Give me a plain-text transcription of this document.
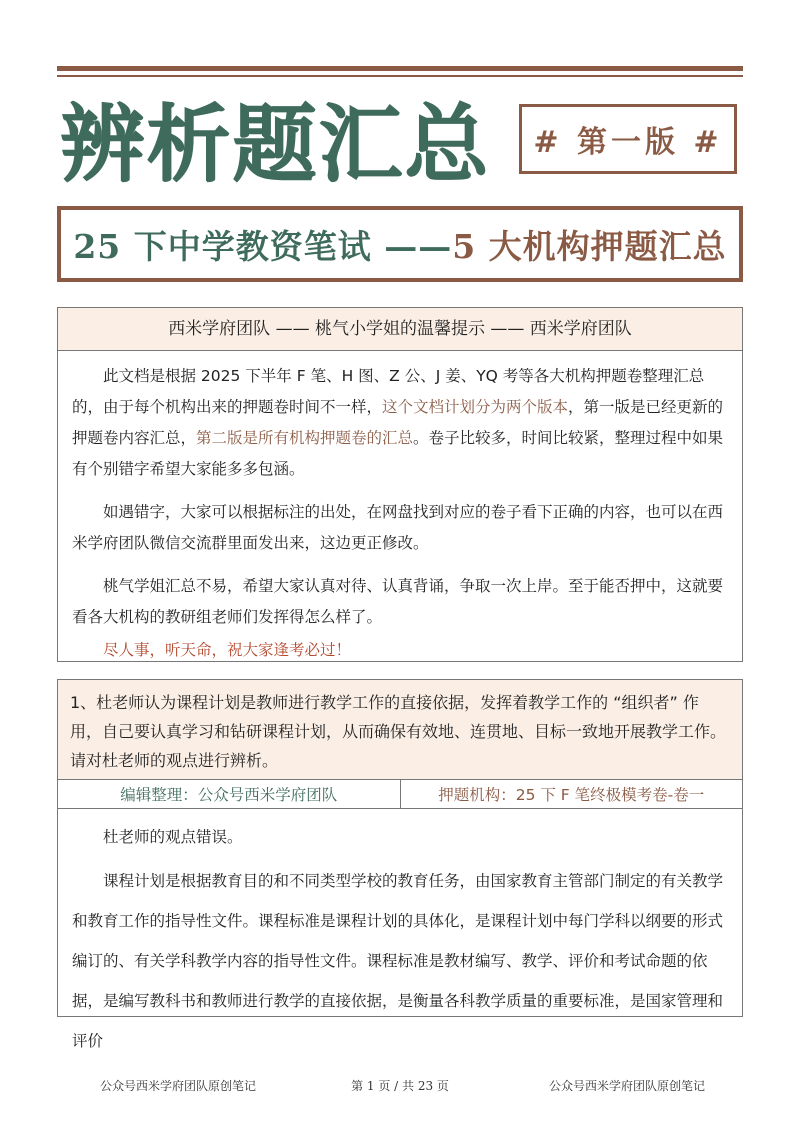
辨析题汇总	# 第一版 #
25 下中学教资笔试 —— 5 大机构押题汇总
西米学府团队 —— 桃气小学姐的温馨提示 —— 西米学府团队

此文档是根据 2025 下半年 F 笔、H 图、Z 公、J 姜、YQ 考等各大机构押题卷整理汇总的，由于每个机构出来的押题卷时间不一样，这个文档计划分为两个版本，第一版是已经更新的押题卷内容汇总，第二版是所有机构押题卷的汇总。卷子比较多，时间比较紧，整理过程中如果有个别错字希望大家能多多包涵。

如遇错字，大家可以根据标注的出处，在网盘找到对应的卷子看下正确的内容，也可以在西米学府团队微信交流群里面发出来，这边更正修改。

桃气学姐汇总不易，希望大家认真对待、认真背诵，争取一次上岸。至于能否押中，这就要看各大机构的教研组老师们发挥得怎么样了。

尽人事，听天命，祝大家逢考必过！

1、杜老师认为课程计划是教师进行教学工作的直接依据，发挥着教学工作的 “组织者” 作用，自己要认真学习和钻研课程计划，从而确保有效地、连贯地、目标一致地开展教学工作。请对杜老师的观点进行辨析。
编辑整理：公众号西米学府团队	押题机构：25 下 F 笔终极模考卷-卷一

杜老师的观点错误。

课程计划是根据教育目的和不同类型学校的教育任务，由国家教育主管部门制定的有关教学和教育工作的指导性文件。课程标准是课程计划的具体化，是课程计划中每门学科以纲要的形式编订的、有关学科教学内容的指导性文件。课程标准是教材编写、教学、评价和考试命题的依据，是编写教科书和教师进行教学的直接依据，是衡量各科教学质量的重要标准，是国家管理和评价

公众号西米学府团队原创笔记	第 1 页 / 共 23 页	公众号西米学府团队原创笔记
